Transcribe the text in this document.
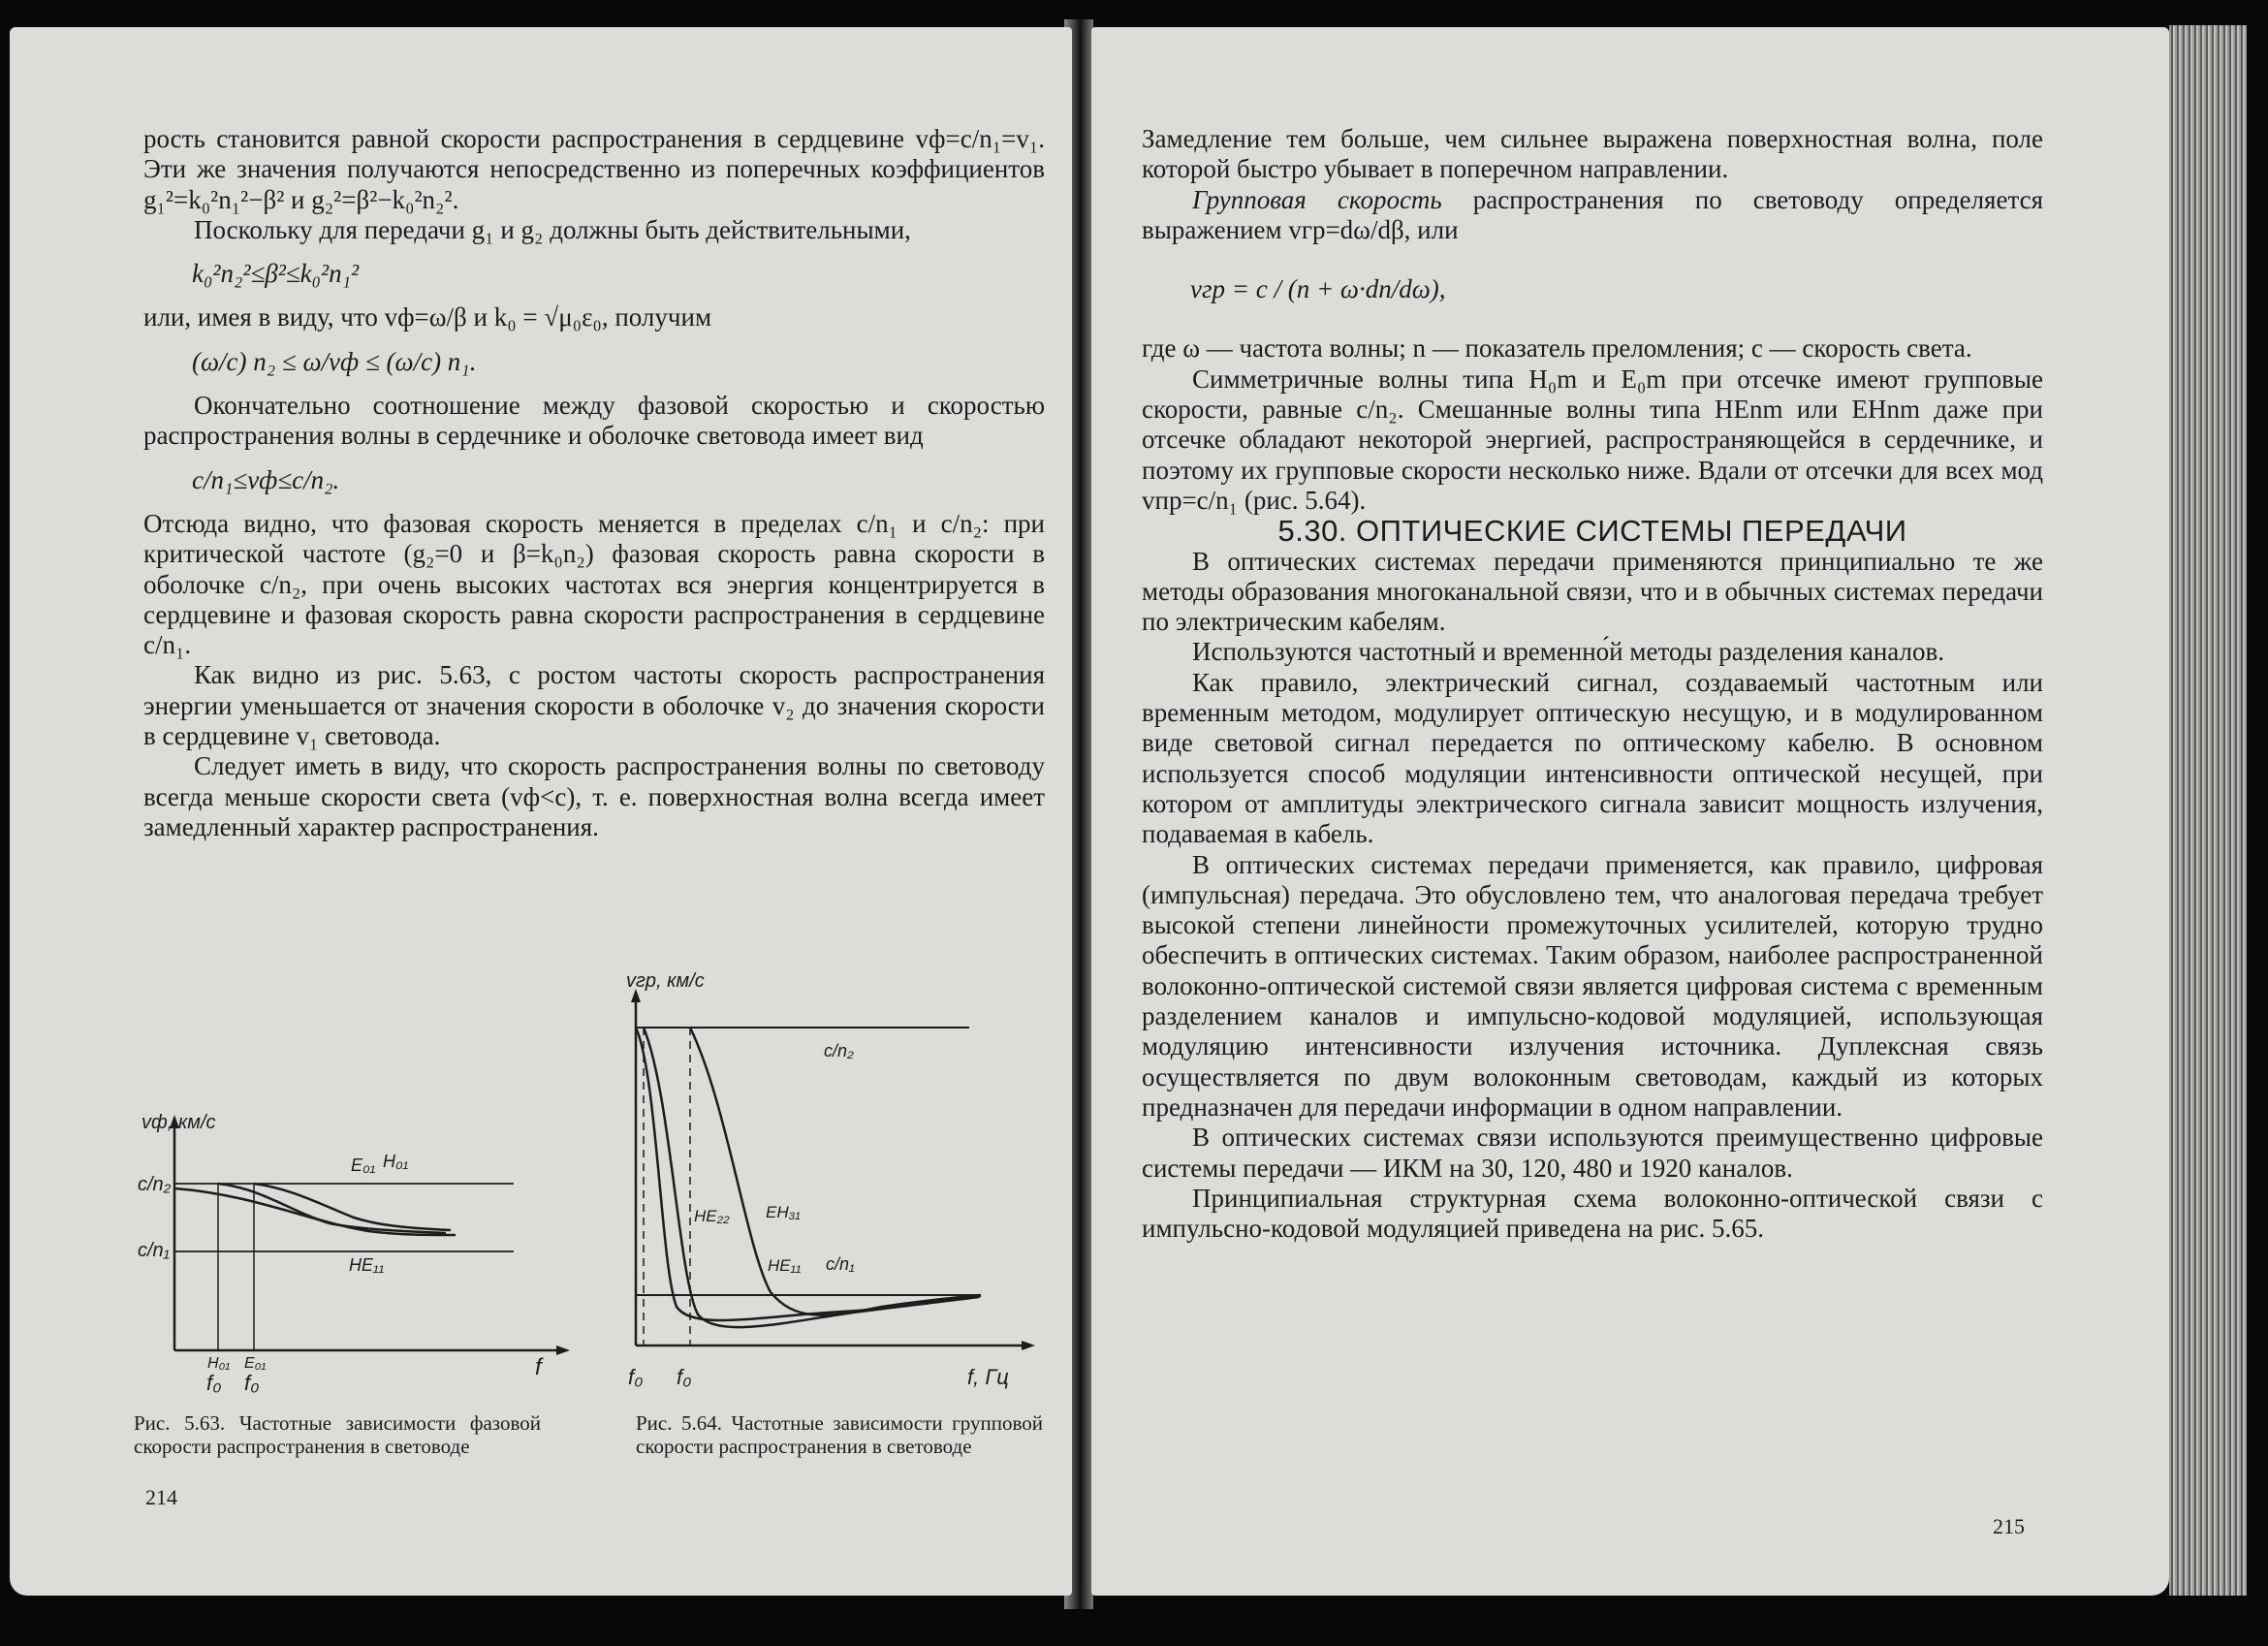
рость становится равной скорости распространения в сердцевине vф=c/n₁=v₁. Эти же значения получаются непосредственно из поперечных коэффициентов g₁²=k₀²n₁²−β² и g₂²=β²−k₀²n₂².

Поскольку для передачи g₁ и g₂ должны быть действительными,

k₀²n₂²≤β²≤k₀²n₁²

или, имея в виду, что vф=ω/β и k₀ = √μ₀ε₀, получим

(ω/c) n₂ ≤ ω/vф ≤ (ω/c) n₁.

Окончательно соотношение между фазовой скоростью и скоростью распространения волны в сердечнике и оболочке световода имеет вид

c/n₁≤vф≤c/n₂.

Отсюда видно, что фазовая скорость меняется в пределах c/n₁ и c/n₂: при критической частоте (g₂=0 и β=k₀n₂) фазовая скорость равна скорости в оболочке c/n₂, при очень высоких частотах вся энергия концентрируется в сердцевине и фазовая скорость равна скорости распространения в сердцевине c/n₁.

Как видно из рис. 5.63, с ростом частоты скорость распространения энергии уменьшается от значения скорости в оболочке v₂ до значения скорости в сердцевине v₁ световода.

Следует иметь в виду, что скорость распространения волны по световоду всегда меньше скорости света (vф<c), т. е. поверхностная волна всегда имеет замедленный характер распространения.

vф, км/с
c/n₂
c/n₁
E₀₁ H₀₁
HE₁₁
f
H₀₁ E₀₁
f₀ f₀
Рис. 5.63. Частотные зависимости фазовой скорости распространения в световоде
vгр, км/с
c/n₂
HE₂₂ EH₃₁
HE₁₁ c/n₁
f₀ f₀	f, Гц
Рис. 5.64. Частотные зависимости групповой скорости распространения в световоде
214

Замедление тем больше, чем сильнее выражена поверхностная волна, поле которой быстро убывает в поперечном направлении.

Групповая скорость распространения по световоду определяется выражением vгр=dω/dβ, или

vгр = c / (n + ω·dn/dω),

где ω — частота волны; n — показатель преломления; c — скорость света.

Симметричные волны типа H₀m и E₀m при отсечке имеют групповые скорости, равные c/n₂. Смешанные волны типа HEnm или EHnm даже при отсечке обладают некоторой энергией, распространяющейся в сердечнике, и поэтому их групповые скорости несколько ниже. Вдали от отсечки для всех мод vпр=c/n₁ (рис. 5.64).

5.30. ОПТИЧЕСКИЕ СИСТЕМЫ ПЕРЕДАЧИ

В оптических системах передачи применяются принципиально те же методы образования многоканальной связи, что и в обычных системах передачи по электрическим кабелям.

Используются частотный и временно́й методы разделения каналов.

Как правило, электрический сигнал, создаваемый частотным или временным методом, модулирует оптическую несущую, и в модулированном виде световой сигнал передается по оптическому кабелю. В основном используется способ модуляции интенсивности оптической несущей, при котором от амплитуды электрического сигнала зависит мощность излучения, подаваемая в кабель.

В оптических системах передачи применяется, как правило, цифровая (импульсная) передача. Это обусловлено тем, что аналоговая передача требует высокой степени линейности промежуточных усилителей, которую трудно обеспечить в оптических системах. Таким образом, наиболее распространенной волоконно-оптической системой связи является цифровая система с временным разделением каналов и импульсно-кодовой модуляцией, использующая модуляцию интенсивности излучения источника. Дуплексная связь осуществляется по двум волоконным световодам, каждый из которых предназначен для передачи информации в одном направлении.

В оптических системах связи используются преимущественно цифровые системы передачи — ИКМ на 30, 120, 480 и 1920 каналов.

Принципиальная структурная схема волоконно-оптической связи с импульсно-кодовой модуляцией приведена на рис. 5.65.

215
